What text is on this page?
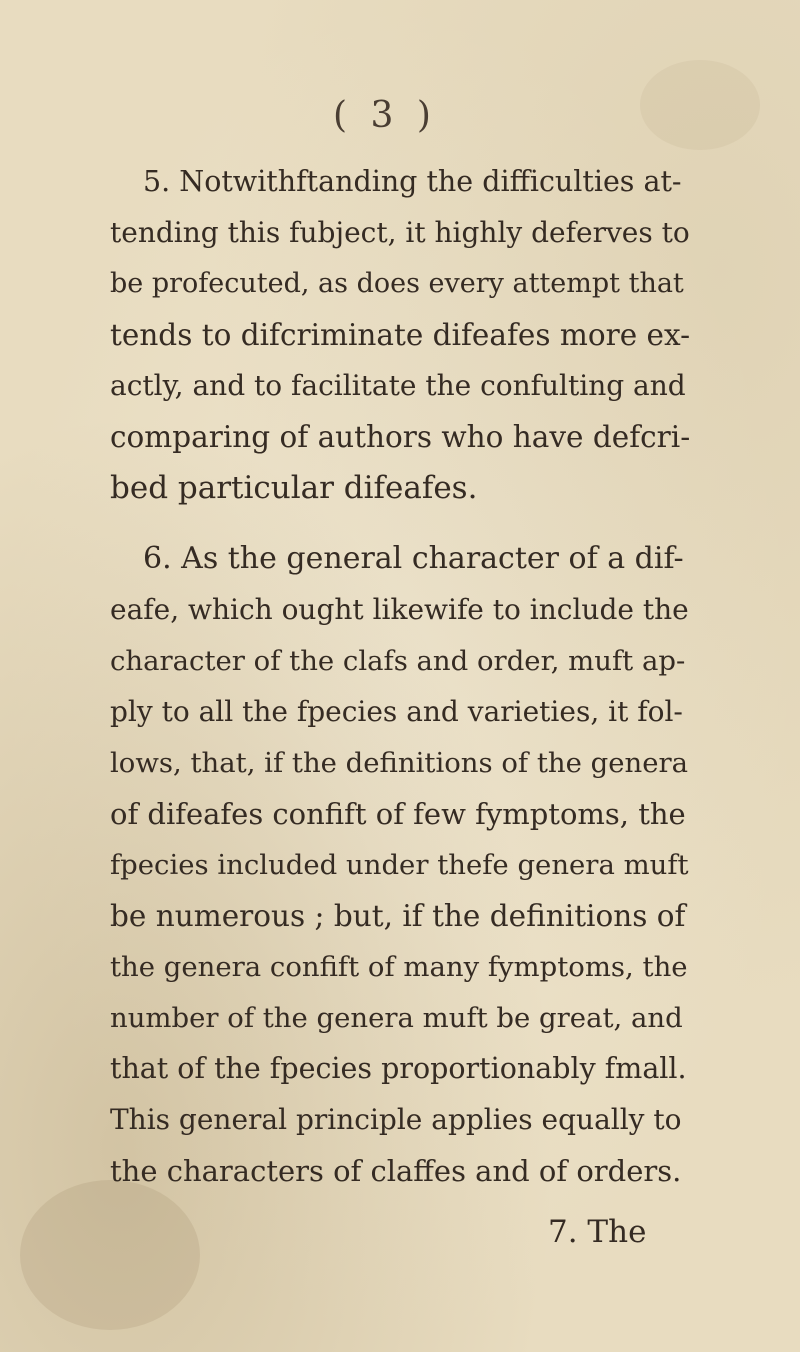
( 3 )
5. Notwithftanding the difficulties at-
tending this fubject, it highly deferves to
be profecuted, as does every attempt that
tends to difcriminate difeafes more ex-
actly, and to facilitate the confulting and
comparing of authors who have defcri-
bed particular difeafes.
6. As the general character of a dif-
eafe, which ought likewife to include the
character of the clafs and order, muft ap-
ply to all the fpecies and varieties, it fol-
lows, that, if the definitions of the genera
of difeafes confift of few fymptoms, the
fpecies included under thefe genera muft
be numerous ; but, if the definitions of
the genera confift of many fymptoms, the
number of the genera muft be great, and
that of the fpecies proportionably fmall.
This general principle applies equally to
the characters of claffes and of orders.
7. The
